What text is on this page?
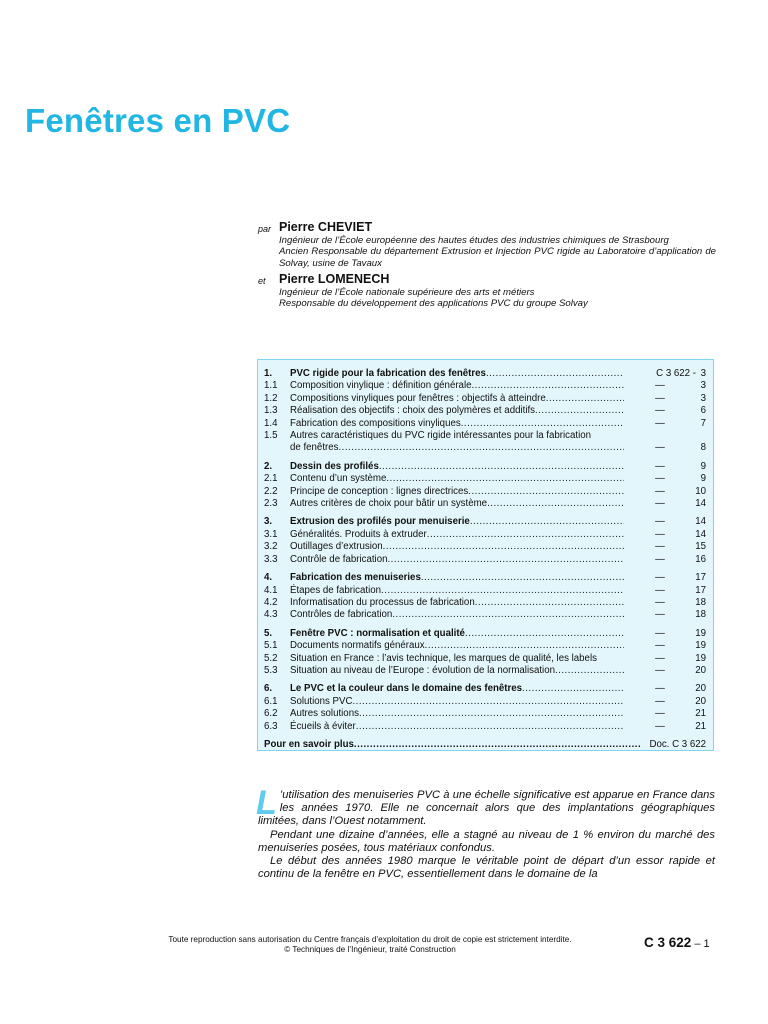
Fenêtres en PVC
par Pierre CHEVIET
Ingénieur de l’École européenne des hautes études des industries chimiques de Strasbourg
Ancien Responsable du département Extrusion et Injection PVC rigide au Laboratoire d’application de Solvay, usine de Tavaux
et Pierre LOMENECH
Ingénieur de l’École nationale supérieure des arts et métiers
Responsable du développement des applications PVC du groupe Solvay
1.	PVC rigide pour la fabrication des fenêtres .....	C 3 622 - 3
1.1	Composition vinylique : définition générale .....	—	3
1.2	Compositions vinyliques pour fenêtres : objectifs à atteindre .....	—	3
1.3	Réalisation des objectifs : choix des polymères et additifs .....	—	6
1.4	Fabrication des compositions vinyliques .....	—	7
1.5	Autres caractéristiques du PVC rigide intéressantes pour la fabrication
de fenêtres .....	—	8
2.	Dessin des profilés .....	—	9
2.1	Contenu d’un système .....	—	9
2.2	Principe de conception : lignes directrices .....	—	10
2.3	Autres critères de choix pour bâtir un système .....	—	14
3.	Extrusion des profilés pour menuiserie .....	—	14
3.1	Généralités. Produits à extruder .....	—	14
3.2	Outillages d’extrusion .....	—	15
3.3	Contrôle de fabrication .....	—	16
4.	Fabrication des menuiseries .....	—	17
4.1	Étapes de fabrication .....	—	17
4.2	Informatisation du processus de fabrication .....	—	18
4.3	Contrôles de fabrication .....	—	18
5.	Fenêtre PVC : normalisation et qualité .....	—	19
5.1	Documents normatifs généraux .....	—	19
5.2	Situation en France : l’avis technique, les marques de qualité, les labels	—	19
5.3	Situation au niveau de l’Europe : évolution de la normalisation .....	—	20
6.	Le PVC et la couleur dans le domaine des fenêtres .....	—	20
6.1	Solutions PVC .....	—	20
6.2	Autres solutions .....	—	21
6.3	Écueils à éviter .....	—	21
Pour en savoir plus .....	Doc. C 3 622

L ’utilisation des menuiseries PVC à une échelle significative est apparue en France dans les années 1970. Elle ne concernait alors que des implantations géographiques limitées, dans l’Ouest notamment.

Pendant une dizaine d’années, elle a stagné au niveau de 1 % environ du marché des menuiseries posées, tous matériaux confondus.

Le début des années 1980 marque le véritable point de départ d’un essor rapide et continu de la fenêtre en PVC, essentiellement dans le domaine de la

Toute reproduction sans autorisation du Centre français d’exploitation du droit de copie est strictement interdite.
© Techniques de l’Ingénieur, traité Construction	C 3 622 – 1
